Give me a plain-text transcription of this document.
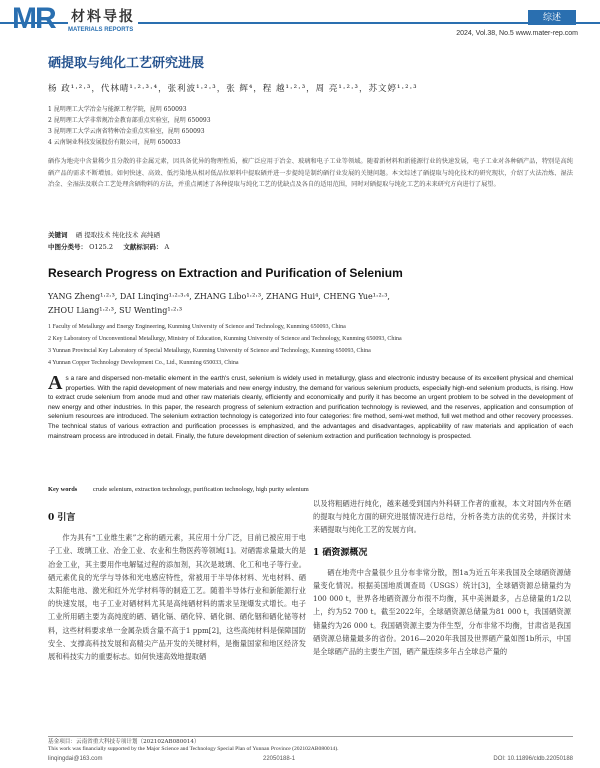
MR 材料导报
MATERIALS REPORTS
综述
2024, Vol.38, No.5 www.mater-rep.com
硒提取与纯化工艺研究进展
杨 政¹·²·³，代林晴¹·²·³·⁴，张利波¹·²·³，张 辉⁴，程 越¹·²·³，周 亮¹·²·³，苏文婷¹·²·³
1 昆明理工大学冶金与能源工程学院，昆明 650093
2 昆明理工大学非常规冶金教育部重点实验室，昆明 650093
3 昆明理工大学云南省特种冶金重点实验室，昆明 650093
4 云南铜业科技发展股份有限公司，昆明 650033
硒作为地壳中含量稀少且分散的非金属元素，因具备优异的物理性质，被广泛应用于冶金、玻璃和电子工业等领域。随着新材料和新能源行业的快速发展，电子工业对各种硒产品，特别是高纯硒产品的需求不断增加。如何快速、高效、低污染地从相对低品位原料中提取硒并进一步提纯是制约硒行业发展的关键问题。本文综述了硒提取与纯化技术的研究现状，介绍了火法冶炼、湿法冶金、全湿法及联合工艺处理含硒物料的方法，并重点阐述了各种提取与纯化工艺的优缺点及各自的适用范围，同时对硒提取与纯化工艺的未来研究方向进行了展望。
关键词 硒 提取技术 纯化技术 高纯硒
中图分类号： O125.2 文献标识码： A
Research Progress on Extraction and Purification of Selenium
YANG Zheng¹·²·³, DAI Linqing¹·²·³·⁴, ZHANG Libo¹·²·³, ZHANG Hui⁴, CHENG Yue¹·²·³,
ZHOU Liang¹·²·³, SU Wenting¹·²·³
1 Faculty of Metallurgy and Energy Engineering, Kunming University of Science and Technology, Kunming 650093, China
2 Key Laboratory of Unconventional Metallurgy, Ministry of Education, Kunming University of Science and Technology, Kunming 650093, China
3 Yunnan Provincial Key Laboratory of Special Metallurgy, Kunming University of Science and Technology, Kunming 650093, China
4 Yunnan Copper Technology Development Co., Ltd., Kunming 650033, China
As a rare and dispersed non-metallic element in the earth's crust, selenium is widely used in metallurgy, glass and electronic industry because of its excellent physical and chemical properties. With the rapid development of new materials and new energy industry, the demand for various selenium products, especially high-end selenium products, is rising. How to extract crude selenium from anode mud and other raw materials cleanly, efficiently and economically and purify it has become an urgent problem to be solved in the development of new energy and other industries. In this paper, the research progress of selenium extraction and purification technology is reviewed, and the reserves, application and consumption of selenium resources are introduced. The selenium extraction technology is categorized into four categories: fire method, semi-wet method, full wet method and other recovery processes. The technical status of various extraction and purification processes is emphasized, and the advantages and disadvantages, applicability of raw materials and application of each mainstream process are introduced in detail. Finally, the future development direction of selenium extraction and purification technology is prospected.
Key words crude selenium, extraction technology, purification technology, high purity selenium
0 引言

作为具有“工业维生素”之称的硒元素，其应用十分广泛，目前已被应用于电子工业、玻璃工业、冶金工业、农业和生物医药等领域[1]。对硒需求量最大的是冶金工业，其主要用作电解锰过程的添加剂，其次是玻璃、化工和电子等行业。硒元素优良的光学与导体和光电感应特性，常被用于半导体材料、光电材料、硒太阳能电池、激光和红外光学材料等的制造工艺。随着半导体行业和新能源行业的快速发展，电子工业对硒材料尤其是高纯硒材料的需求呈现爆发式增长。电子工业所用硒主要为高纯度的硒、硒化镉、硒化锌、硒化铜、硒化铟和硒化铋等材料，这些材料要求单一金属杂质含量不高于1 ppm[2]，这些高纯材料是保障国防安全、支撑高科技发展和高精尖产品开发的关键材料，是衡量国家和地区经济发展和科技实力的重要标志。如何快速高效地提取硒

以及将粗硒进行纯化，越来越受到国内外科研工作者的重视，本文对国内外在硒的提取与纯化方面的研究进展情况进行总结，分析各类方法的优劣势，并探讨未来硒提取与纯化工艺的发展方向。

1 硒资源概况

硒在地壳中含量很少且分布非常分散，图1a为近五年来我国及全球硒资源储量变化情况。根据美国地质调查局（USGS）统计[3]，全球硒资源总储量约为100 000 t，世界各地硒资源分布很不均衡，其中美洲最多，占总储量的1/2以上，约为52 700 t。截至2022年，全球硒资源总储量为81 000 t，我国硒资源储量约为26 000 t。我国硒资源主要为伴生型，分布非常不均衡，甘肃省是我国硒资源总储量最多的省份。2016—2020年我国及世界硒产量如图1b所示，中国是全球硒产品的主要生产国，硒产量连续多年占全球总产量的

基金项目：云南省重大科技专项计划（202102AB080014）
This work was financially supported by the Major Science and Technology Special Plan of Yunnan Province (202102AB080014).
linqingdai@163.com	22050188-1	DOI: 10.11896/cldb.22050188
